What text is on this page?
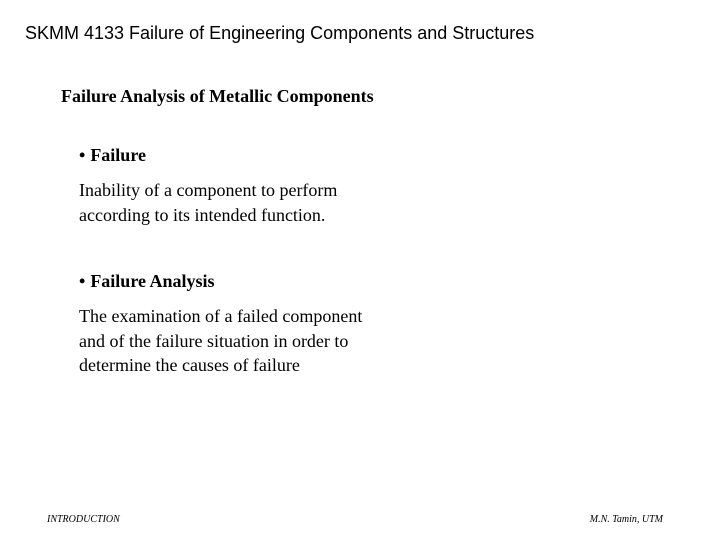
SKMM 4133 Failure of Engineering Components and Structures
Failure Analysis of Metallic Components
• Failure
Inability of a component to perform
according to its intended function.
• Failure Analysis
The examination of a failed component
and of the failure situation in order to
determine the causes of failure
INTRODUCTION	M.N. Tamin, UTM
